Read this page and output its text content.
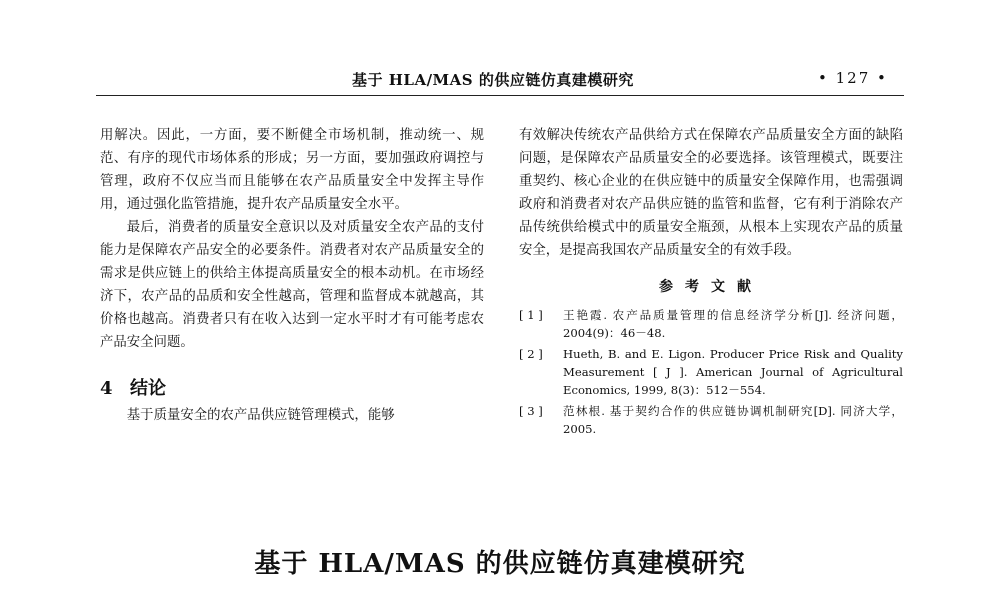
基于 HLA/MAS 的供应链仿真建模研究	• 127 •

用解决。因此，一方面，要不断健全市场机制，推动统一、规范、有序的现代市场体系的形成；另一方面，要加强政府调控与管理，政府不仅应当而且能够在农产品质量安全中发挥主导作用，通过强化监管措施，提升农产品质量安全水平。

最后，消费者的质量安全意识以及对质量安全农产品的支付能力是保障农产品安全的必要条件。消费者对农产品质量安全的需求是供应链上的供给主体提高质量安全的根本动机。在市场经济下，农产品的品质和安全性越高，管理和监督成本就越高，其价格也越高。消费者只有在收入达到一定水平时才有可能考虑农产品安全问题。

4 结论

基于质量安全的农产品供应链管理模式，能够

有效解决传统农产品供给方式在保障农产品质量安全方面的缺陷问题，是保障农产品质量安全的必要选择。该管理模式，既要注重契约、核心企业的在供应链中的质量安全保障作用，也需强调政府和消费者对农产品供应链的监管和监督，它有利于消除农产品传统供给模式中的质量安全瓶颈，从根本上实现农产品的质量安全，是提高我国农产品质量安全的有效手段。

参考文献
[ 1 ]	王艳霞. 农产品质量管理的信息经济学分析[J]. 经济问题，2004(9)：46－48.
[ 2 ]	Hueth, B. and E. Ligon. Producer Price Risk and Quality Measurement [ J ]. American Journal of Agricultural Economics, 1999, 8(3)：512－554.
[ 3 ]	范林根. 基于契约合作的供应链协调机制研究[D]. 同济大学，2005.
基于 HLA/MAS 的供应链仿真建模研究
